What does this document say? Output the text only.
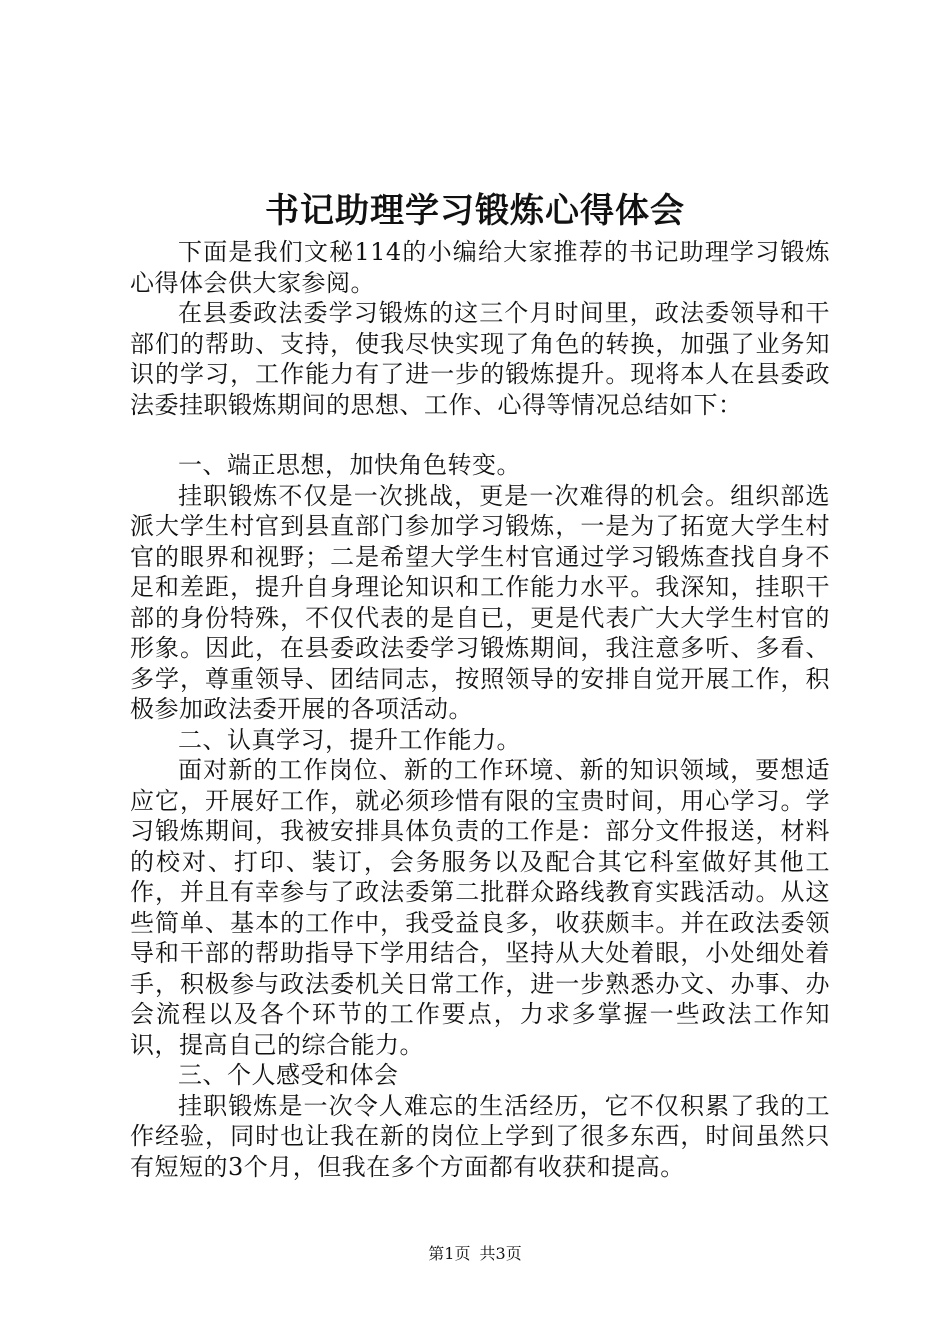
书记助理学习锻炼心得体会

下面是我们文秘114的小编给大家推荐的书记助理学习锻炼心得体会供大家参阅。

在县委政法委学习锻炼的这三个月时间里，政法委领导和干部们的帮助、支持，使我尽快实现了角色的转换，加强了业务知识的学习，工作能力有了进一步的锻炼提升。现将本人在县委政法委挂职锻炼期间的思想、工作、心得等情况总结如下：

一、端正思想，加快角色转变。

挂职锻炼不仅是一次挑战，更是一次难得的机会。组织部选派大学生村官到县直部门参加学习锻炼，一是为了拓宽大学生村官的眼界和视野；二是希望大学生村官通过学习锻炼查找自身不足和差距，提升自身理论知识和工作能力水平。我深知，挂职干部的身份特殊，不仅代表的是自已，更是代表广大大学生村官的形象。因此，在县委政法委学习锻炼期间，我注意多听、多看、多学，尊重领导、团结同志，按照领导的安排自觉开展工作，积极参加政法委开展的各项活动。

二、认真学习，提升工作能力。

面对新的工作岗位、新的工作环境、新的知识领域，要想适应它，开展好工作，就必须珍惜有限的宝贵时间，用心学习。学习锻炼期间，我被安排具体负责的工作是：部分文件报送，材料的校对、打印、装订，会务服务以及配合其它科室做好其他工作，并且有幸参与了政法委第二批群众路线教育实践活动。从这些简单、基本的工作中，我受益良多，收获颇丰。并在政法委领导和干部的帮助指导下学用结合，坚持从大处着眼，小处细处着手，积极参与政法委机关日常工作，进一步熟悉办文、办事、办会流程以及各个环节的工作要点，力求多掌握一些政法工作知识，提高自己的综合能力。

三、个人感受和体会

挂职锻炼是一次令人难忘的生活经历，它不仅积累了我的工作经验，同时也让我在新的岗位上学到了很多东西，时间虽然只有短短的3个月，但我在多个方面都有收获和提高。

第1页 共3页
